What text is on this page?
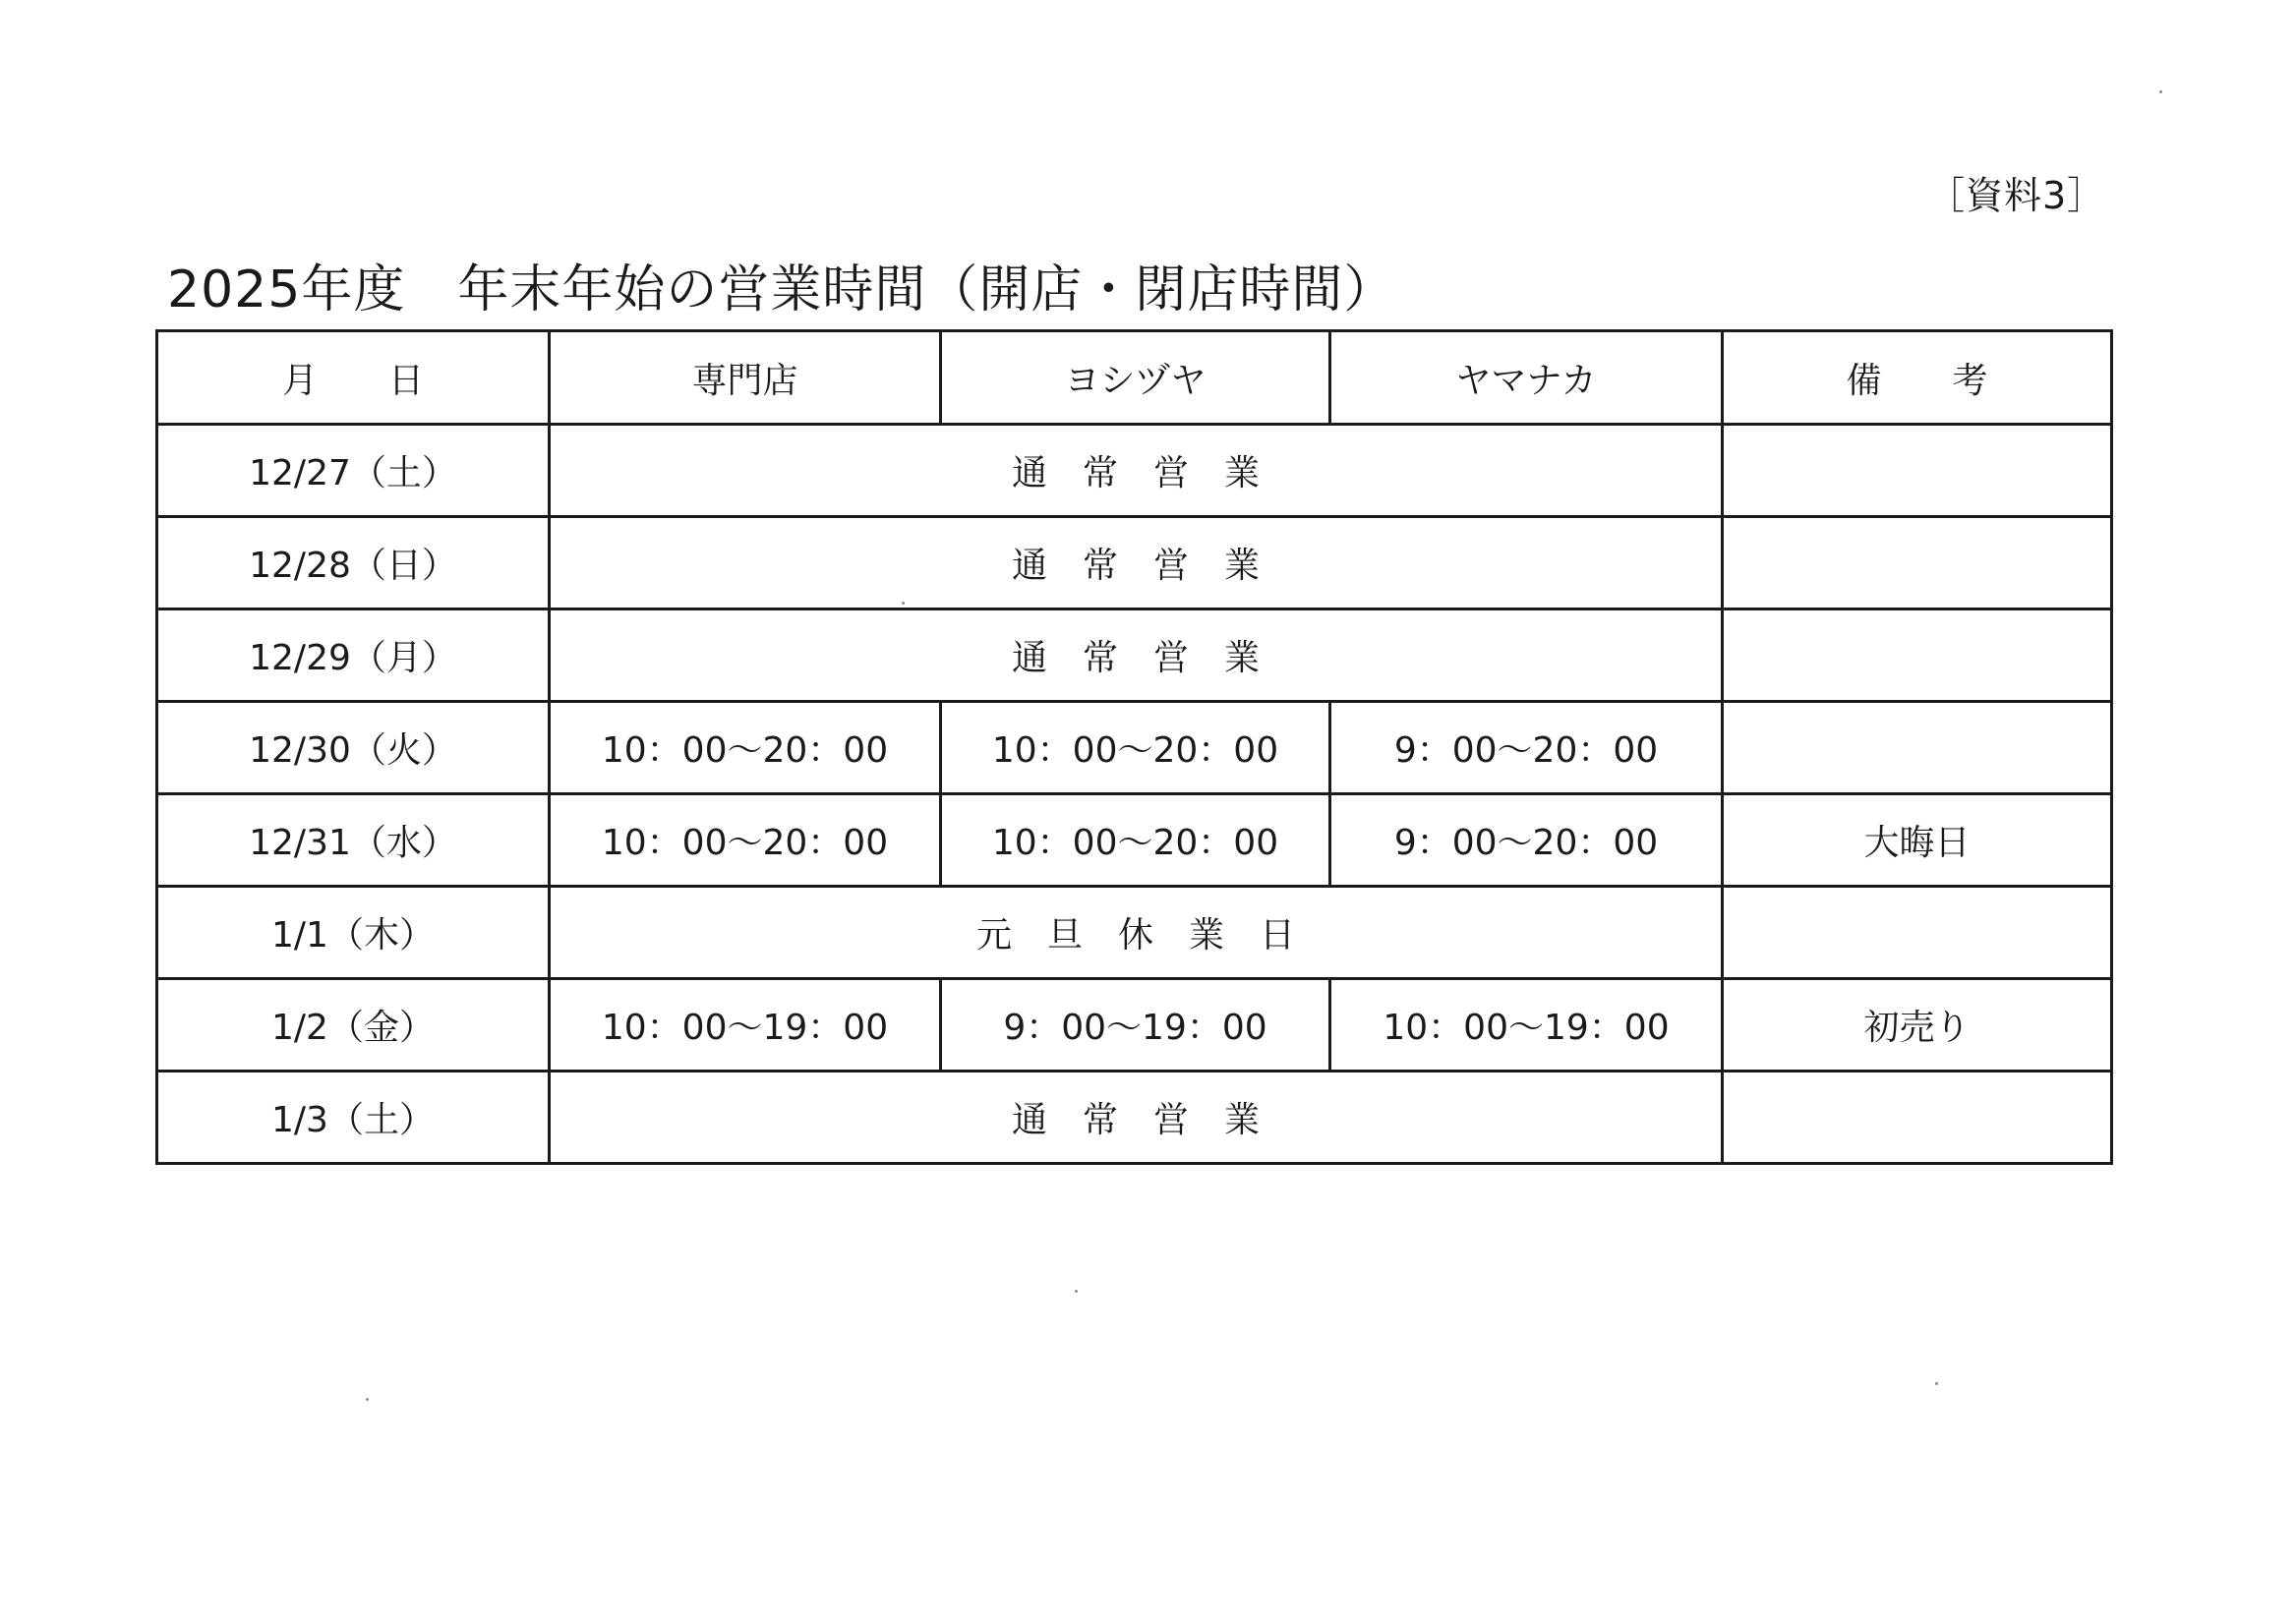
［資料3］
2025年度　年末年始の営業時間（開店・閉店時間）
月　　日	専門店	ヨシヅヤ	ヤマナカ	備　　考
12/27（土）	通　常　営　業			
12/28（日）	通　常　営　業			
12/29（月）	通　常　営　業			
12/30（火）	10：00～20：00	10：00～20：00	9：00～20：00	
12/31（水）	10：00～20：00	10：00～20：00	9：00～20：00	大晦日
1/1（木）	元　旦　休　業　日			
1/2（金）	10：00～19：00	9：00～19：00	10：00～19：00	初売り
1/3（土）	通　常　営　業			
